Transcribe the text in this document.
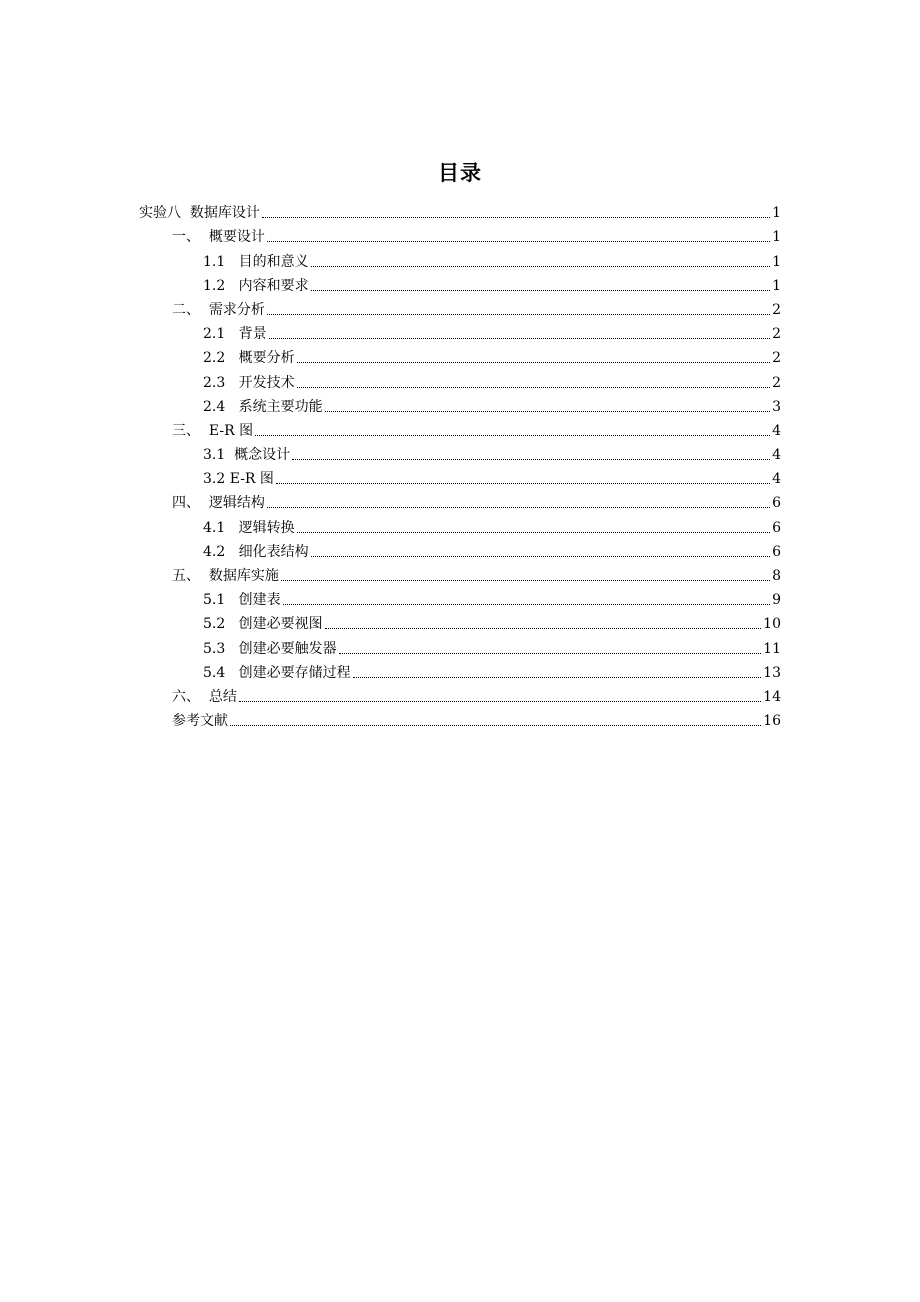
目录
实验八  数据库设计	1
一、  概要设计	1
1.1   目的和意义	1
1.2   内容和要求	1
二、  需求分析	2
2.1   背景	2
2.2   概要分析	2
2.3   开发技术	2
2.4   系统主要功能	3
三、  E-R 图	4
3.1  概念设计	4
3.2 E-R 图	4
四、  逻辑结构	6
4.1   逻辑转换	6
4.2   细化表结构	6
五、  数据库实施	8
5.1   创建表	9
5.2   创建必要视图	10
5.3   创建必要触发器	11
5.4   创建必要存储过程	13
六、  总结	14
参考文献	16
